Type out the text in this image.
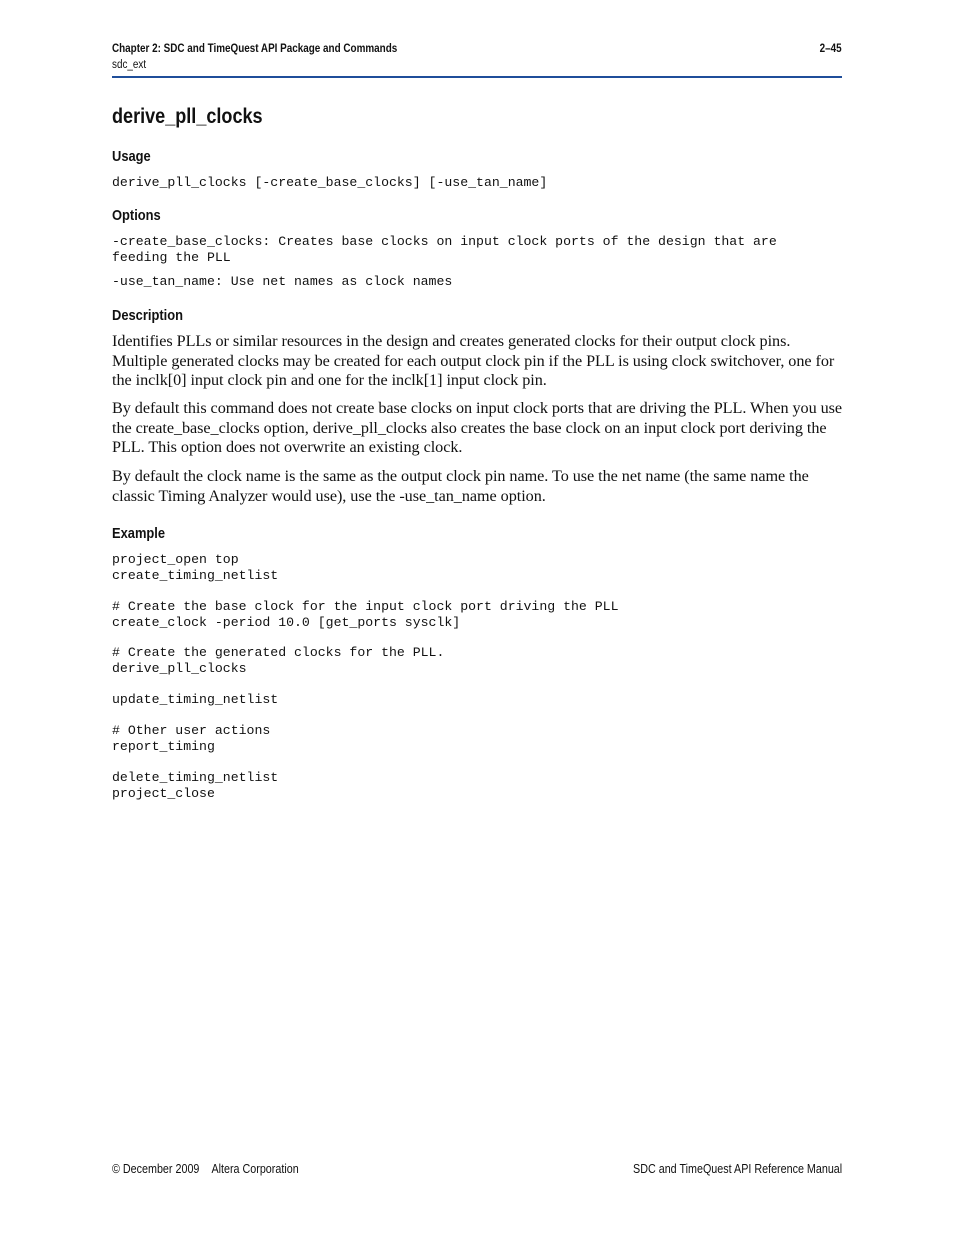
Chapter 2: SDC and TimeQuest API Package and Commands	2–45
sdc_ext
derive_pll_clocks
Usage
derive_pll_clocks [-create_base_clocks] [-use_tan_name]
Options
-create_base_clocks: Creates base clocks on input clock ports of the design that are
feeding the PLL
-use_tan_name: Use net names as clock names
Description

Identifies PLLs or similar resources in the design and creates generated clocks for their output clock pins. Multiple generated clocks may be created for each output clock pin if the PLL is using clock switchover, one for the inclk[0] input clock pin and one for the inclk[1] input clock pin.

By default this command does not create base clocks on input clock ports that are driving the PLL. When you use the create_base_clocks option, derive_pll_clocks also creates the base clock on an input clock port deriving the PLL. This option does not overwrite an existing clock.

By default the clock name is the same as the output clock pin name. To use the net name (the same name the classic Timing Analyzer would use), use the -use_tan_name option.

Example
project_open top
create_timing_netlist
# Create the base clock for the input clock port driving the PLL
create_clock -period 10.0 [get_ports sysclk]
# Create the generated clocks for the PLL.
derive_pll_clocks
update_timing_netlist
# Other user actions
report_timing
delete_timing_netlist
project_close
© December 2009 Altera Corporation	SDC and TimeQuest API Reference Manual
